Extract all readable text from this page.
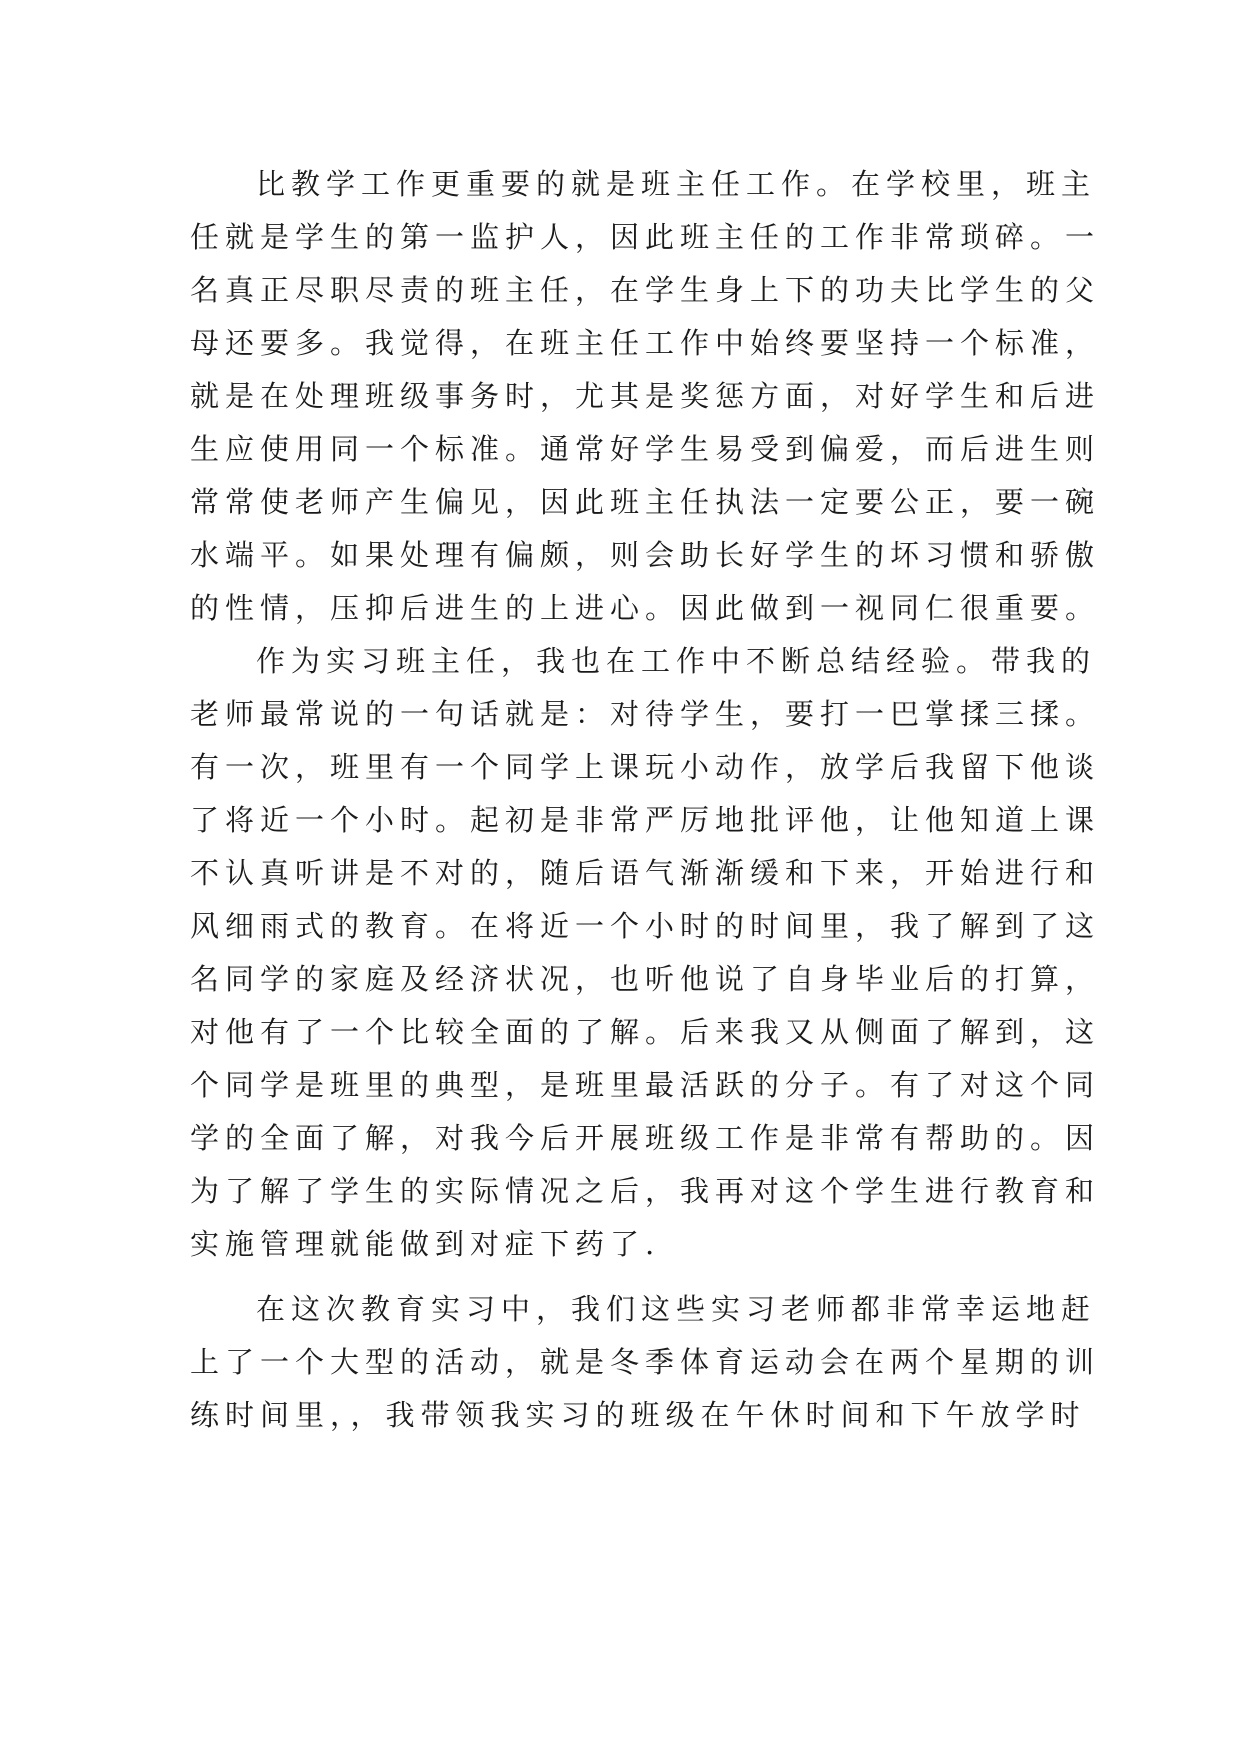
比教学工作更重要的就是班主任工作。在学校里，班主
任就是学生的第一监护人，因此班主任的工作非常琐碎。一
名真正尽职尽责的班主任，在学生身上下的功夫比学生的父
母还要多。我觉得，在班主任工作中始终要坚持一个标准，
就是在处理班级事务时，尤其是奖惩方面，对好学生和后进
生应使用同一个标准。通常好学生易受到偏爱，而后进生则
常常使老师产生偏见，因此班主任执法一定要公正，要一碗
水端平。如果处理有偏颇，则会助长好学生的坏习惯和骄傲
的性情，压抑后进生的上进心。因此做到一视同仁很重要。
作为实习班主任，我也在工作中不断总结经验。带我的
老师最常说的一句话就是：对待学生，要打一巴掌揉三揉。
有一次，班里有一个同学上课玩小动作，放学后我留下他谈
了将近一个小时。起初是非常严厉地批评他，让他知道上课
不认真听讲是不对的，随后语气渐渐缓和下来，开始进行和
风细雨式的教育。在将近一个小时的时间里，我了解到了这
名同学的家庭及经济状况，也听他说了自身毕业后的打算，
对他有了一个比较全面的了解。后来我又从侧面了解到，这
个同学是班里的典型，是班里最活跃的分子。有了对这个同
学的全面了解，对我今后开展班级工作是非常有帮助的。因
为了解了学生的实际情况之后，我再对这个学生进行教育和
实施管理就能做到对症下药了.
在这次教育实习中，我们这些实习老师都非常幸运地赶
上了一个大型的活动，就是冬季体育运动会在两个星期的训
练时间里，，我带领我实习的班级在午休时间和下午放学时
